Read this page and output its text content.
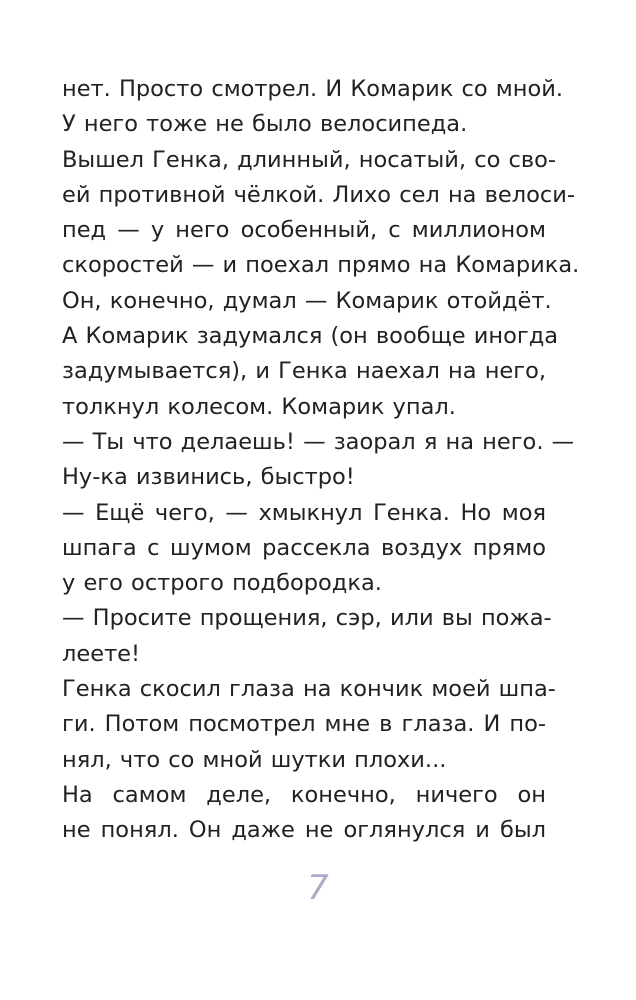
нет. Просто смотрел. И Комарик со мной.
У него тоже не было велосипеда.
Вышел Генка, длинный, носатый, со сво-
ей противной чёлкой. Лихо сел на велоси-
пед — у него особенный, с миллионом
скоростей — и поехал прямо на Комарика.
Он, конечно, думал — Комарик отойдёт.
А Комарик задумался (он вообще иногда
задумывается), и Генка наехал на него,
толкнул колесом. Комарик упал.
— Ты что делаешь! — заорал я на него. —
Ну-ка извинись, быстро!
— Ещё чего, — хмыкнул Генка. Но моя
шпага с шумом рассекла воздух прямо
у его острого подбородка.
— Просите прощения, сэр, или вы пожа-
леете!
Генка скосил глаза на кончик моей шпа-
ги. Потом посмотрел мне в глаза. И по-
нял, что со мной шутки плохи...
На самом деле, конечно, ничего он
не понял. Он даже не оглянулся и был
7
